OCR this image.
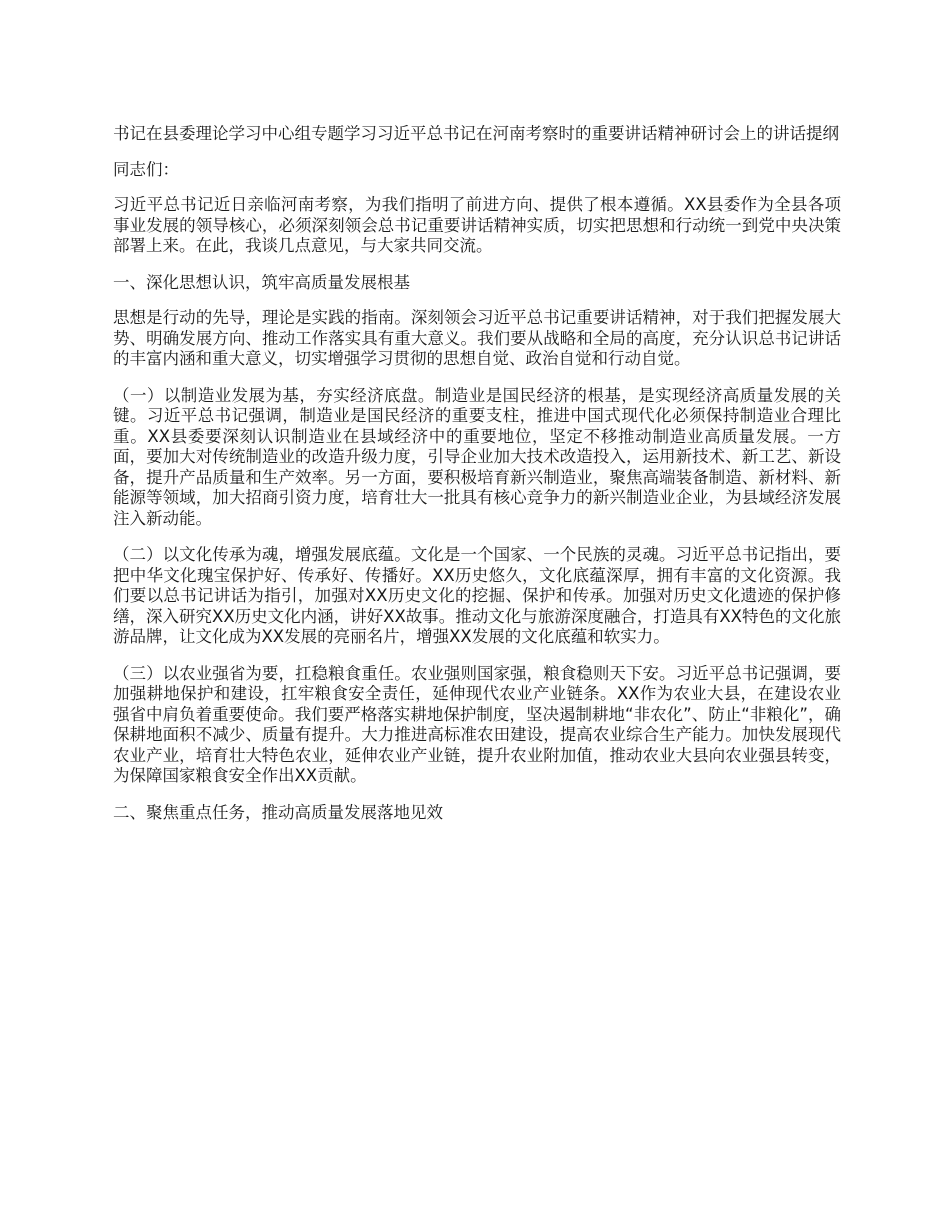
书记在县委理论学习中心组专题学习习近平总书记在河南考察时的重要讲话精神研讨会上的讲话提纲

同志们：

习近平总书记近日亲临河南考察，为我们指明了前进方向、提供了根本遵循。XX县委作为全县各项事业发展的领导核心，必须深刻领会总书记重要讲话精神实质，切实把思想和行动统一到党中央决策部署上来。在此，我谈几点意见，与大家共同交流。

一、深化思想认识，筑牢高质量发展根基

思想是行动的先导，理论是实践的指南。深刻领会习近平总书记重要讲话精神，对于我们把握发展大势、明确发展方向、推动工作落实具有重大意义。我们要从战略和全局的高度，充分认识总书记讲话的丰富内涵和重大意义，切实增强学习贯彻的思想自觉、政治自觉和行动自觉。

（一）以制造业发展为基，夯实经济底盘。制造业是国民经济的根基，是实现经济高质量发展的关键。习近平总书记强调，制造业是国民经济的重要支柱，推进中国式现代化必须保持制造业合理比重。XX县委要深刻认识制造业在县域经济中的重要地位，坚定不移推动制造业高质量发展。一方面，要加大对传统制造业的改造升级力度，引导企业加大技术改造投入，运用新技术、新工艺、新设备，提升产品质量和生产效率。另一方面，要积极培育新兴制造业，聚焦高端装备制造、新材料、新能源等领域，加大招商引资力度，培育壮大一批具有核心竞争力的新兴制造业企业，为县域经济发展注入新动能。

（二）以文化传承为魂，增强发展底蕴。文化是一个国家、一个民族的灵魂。习近平总书记指出，要把中华文化瑰宝保护好、传承好、传播好。XX历史悠久，文化底蕴深厚，拥有丰富的文化资源。我们要以总书记讲话为指引，加强对XX历史文化的挖掘、保护和传承。加强对历史文化遗迹的保护修缮，深入研究XX历史文化内涵，讲好XX故事。推动文化与旅游深度融合，打造具有XX特色的文化旅游品牌，让文化成为XX发展的亮丽名片，增强XX发展的文化底蕴和软实力。

（三）以农业强省为要，扛稳粮食重任。农业强则国家强，粮食稳则天下安。习近平总书记强调，要加强耕地保护和建设，扛牢粮食安全责任，延伸现代农业产业链条。XX作为农业大县，在建设农业强省中肩负着重要使命。我们要严格落实耕地保护制度，坚决遏制耕地“非农化”、防止“非粮化”，确保耕地面积不减少、质量有提升。大力推进高标准农田建设，提高农业综合生产能力。加快发展现代农业产业，培育壮大特色农业，延伸农业产业链，提升农业附加值，推动农业大县向农业强县转变，为保障国家粮食安全作出XX贡献。

二、聚焦重点任务，推动高质量发展落地见效
